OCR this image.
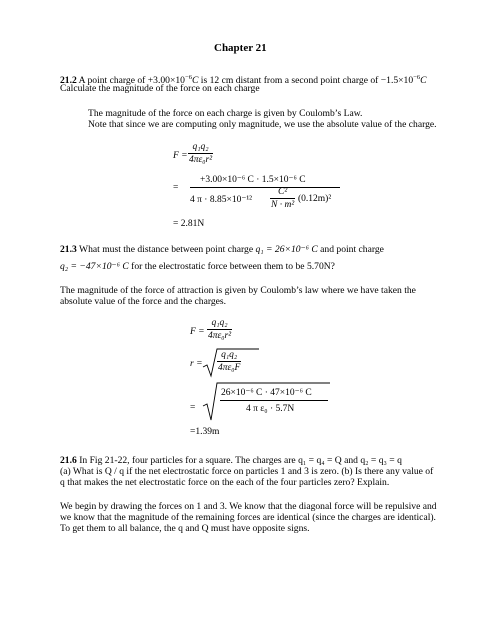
Chapter 21
21.2 A point charge of $+3.00\times 10^{-6}C$ is 12 cm distant from a second point charge of $-1.5\times 10^{-6}C$
Calculate the magnitude of the force on each charge
The magnitude of the force on each charge is given by Coulomb’s Law.
Note that since we are computing only magnitude, we use the absolute value of the charge.
$F = \frac{\text{q₁q₂}}{\text{4πε₀r²}}$
=
+3.00×10⁻⁶ C · 1.5×10⁻⁶ C
4 $\pi \cdot 8.85\times 10^{-12} \frac{\text{C²}}{\text{N · m²}} (0.12m)^2$
= 2.81N
21.3 What must the distance between point charge q₁ = 26×10⁻⁶ C and point charge
q₂ = −47×10⁻⁶ C for the electrostatic force between them to be 5.70N?
The magnitude of the force of attraction is given by Coulomb’s law where we have taken the
absolute value of the force and the charges.
$F = \frac{\text{q₁q₂}}{\text{4πε₀r²}}$
$r = \frac{\text{q₁q₂}}{\text{4πε₀F}}$
=
26×10⁻⁶ C · 47×10⁻⁶ C
4 π ε₀ · 5.7N
=1.39m
21.6 In Fig 21-22, four particles for a square. The charges are q₁ = q₄ = Q and q₂ = q₃ = q
(a) What is Q / q if the net electrostatic force on particles 1 and 3 is zero. (b) Is there any value of
q that makes the net electrostatic force on the each of the four particles zero? Explain.
We begin by drawing the forces on 1 and 3. We know that the diagonal force will be repulsive and
we know that the magnitude of the remaining forces are identical (since the charges are identical).
To get them to all balance, the q and Q must have opposite signs.
